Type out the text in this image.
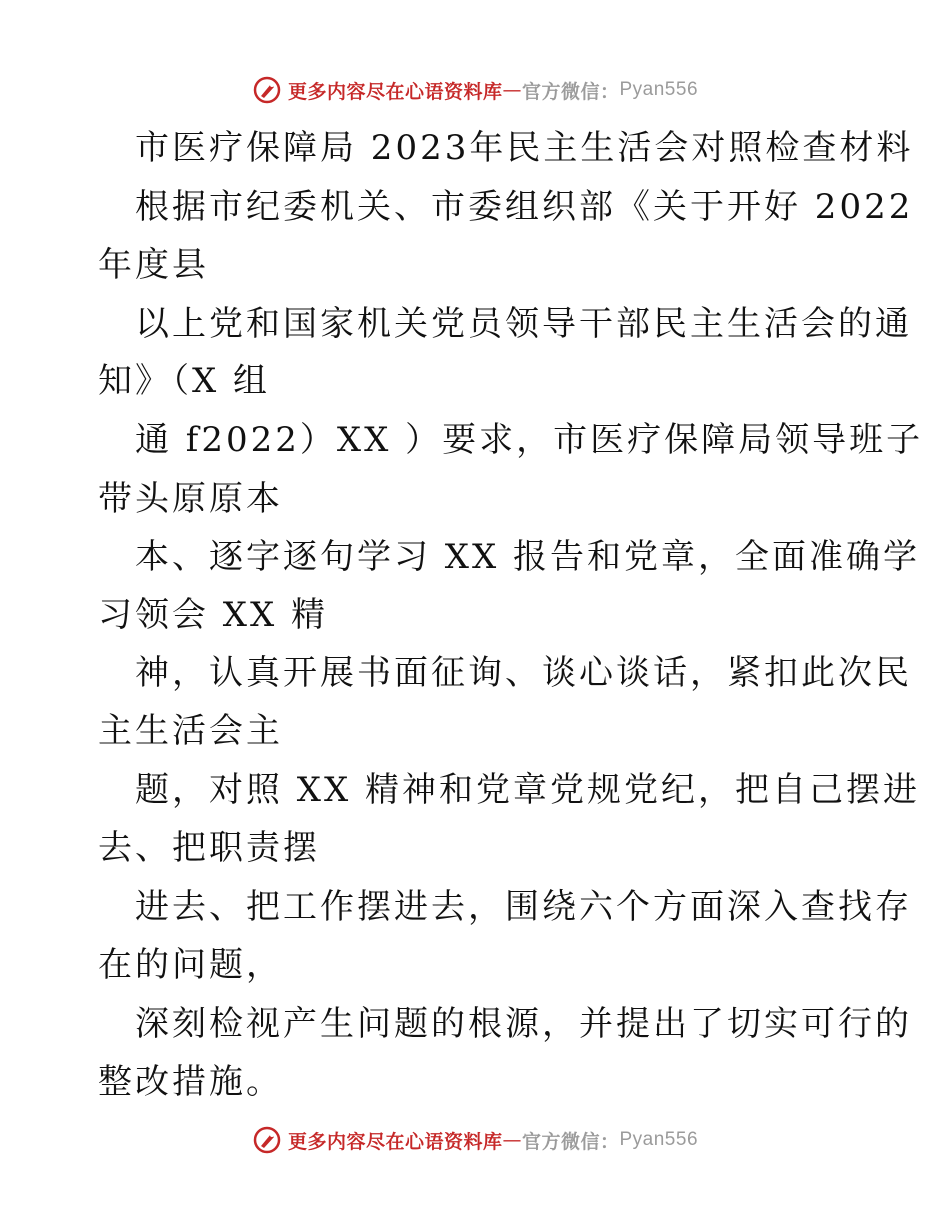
更多内容尽在心语资料库 — 官方微信： Pyan556
市医疗保障局 2023年民主生活会对照检查材料
根据市纪委机关、市委组织部《关于开好 2022
年度县
以上党和国家机关党员领导干部民主生活会的通
知》（X 组
通 f2022）XX ）要求，市医疗保障局领导班子
带头原原本
本、逐字逐句学习 XX 报告和党章，全面准确学
习领会 XX 精
神，认真开展书面征询、谈心谈话，紧扣此次民
主生活会主
题，对照 XX 精神和党章党规党纪，把自己摆进
去、把职责摆
进去、把工作摆进去，围绕六个方面深入查找存
在的问题，
深刻检视产生问题的根源，并提出了切实可行的
整改措施。
更多内容尽在心语资料库 — 官方微信： Pyan556
